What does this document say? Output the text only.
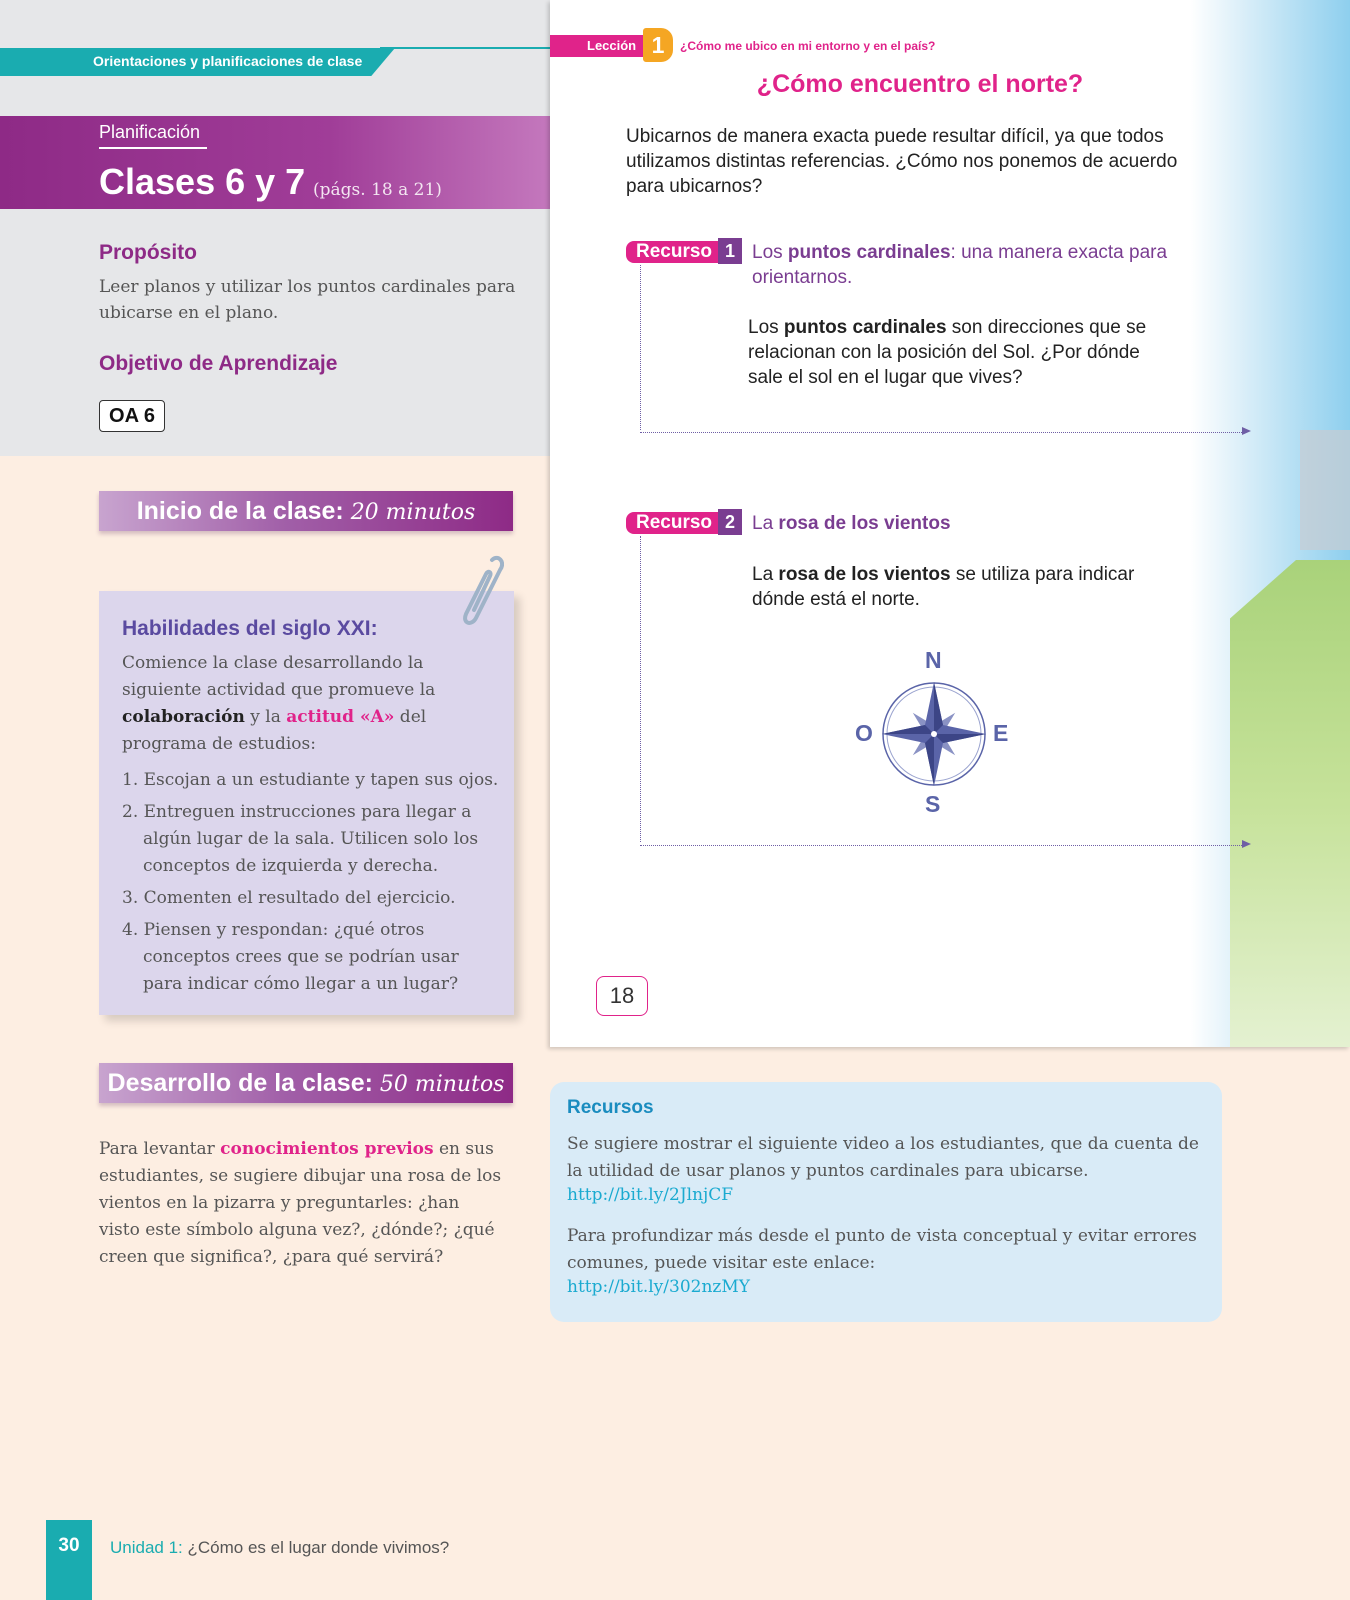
Orientaciones y planificaciones de clase
Planificación
Clases 6 y 7 (págs. 18 a 21)
Propósito
Leer planos y utilizar los puntos cardinales para ubicarse en el plano.
Objetivo de Aprendizaje
OA 6
Inicio de la clase: 20 minutos
Habilidades del siglo XXI:
Comience la clase desarrollando la siguiente actividad que promueve la colaboración y la actitud «A» del programa de estudios:
1. Escojan a un estudiante y tapen sus ojos.
2. Entreguen instrucciones para llegar a algún lugar de la sala. Utilicen solo los conceptos de izquierda y derecha.
3. Comenten el resultado del ejercicio.
4. Piensen y respondan: ¿qué otros conceptos crees que se podrían usar para indicar cómo llegar a un lugar?
Desarrollo de la clase: 50 minutos
Para levantar conocimientos previos en sus estudiantes, se sugiere dibujar una rosa de los vientos en la pizarra y preguntarles: ¿han visto este símbolo alguna vez?, ¿dónde?; ¿qué creen que significa?, ¿para qué servirá?
Lección 1	¿Cómo me ubico en mi entorno y en el país?
¿Cómo encuentro el norte?
Ubicarnos de manera exacta puede resultar difícil, ya que todos utilizamos distintas referencias. ¿Cómo nos ponemos de acuerdo para ubicarnos?
Recurso 1 Los puntos cardinales: una manera exacta para orientarnos.
Los puntos cardinales son direcciones que se relacionan con la posición del Sol. ¿Por dónde sale el sol en el lugar que vives?
Recurso 2 La rosa de los vientos
La rosa de los vientos se utiliza para indicar dónde está el norte.
N
O	E
S
18
Recursos
Se sugiere mostrar el siguiente video a los estudiantes, que da cuenta de la utilidad de usar planos y puntos cardinales para ubicarse.
http://bit.ly/2JlnjCF
Para profundizar más desde el punto de vista conceptual y evitar errores comunes, puede visitar este enlace:
http://bit.ly/302nzMY
30	Unidad 1: ¿Cómo es el lugar donde vivimos?
